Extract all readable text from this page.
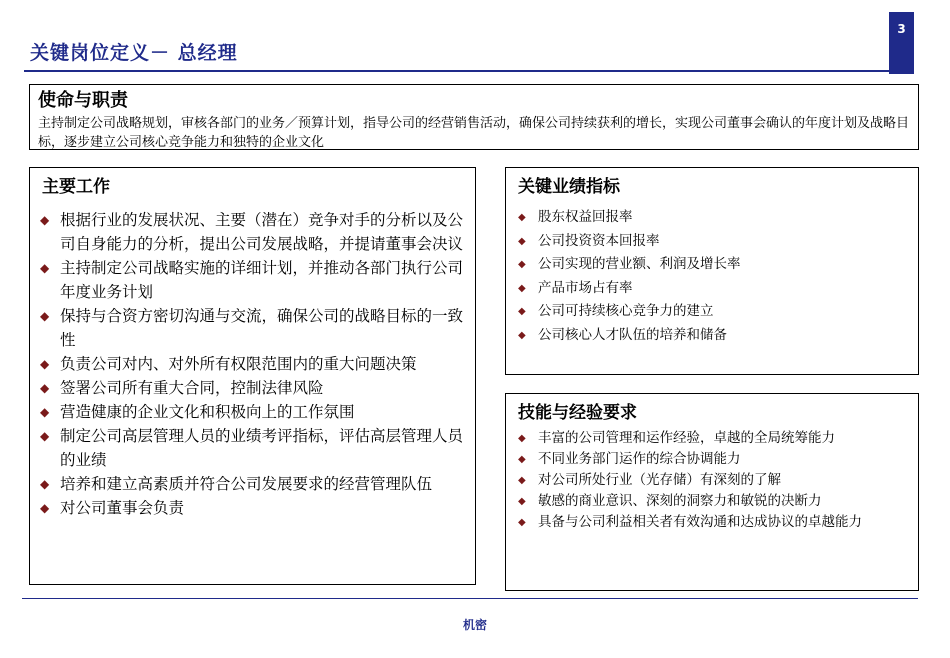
关键岗位定义－ 总经理
3
使命与职责
主持制定公司战略规划，审核各部门的业务／预算计划，指导公司的经营销售活动，确保公司持续获利的增长，实现公司董事会确认的年度计划及战略目标，逐步建立公司核心竞争能力和独特的企业文化
主要工作
◆ 根据行业的发展状况、主要（潜在）竞争对手的分析以及公司自身能力的分析，提出公司发展战略，并提请董事会决议
◆ 主持制定公司战略实施的详细计划，并推动各部门执行公司年度业务计划
◆ 保持与合资方密切沟通与交流，确保公司的战略目标的一致性
◆ 负责公司对内、对外所有权限范围内的重大问题决策
◆ 签署公司所有重大合同，控制法律风险
◆ 营造健康的企业文化和积极向上的工作氛围
◆ 制定公司高层管理人员的业绩考评指标，评估高层管理人员的业绩
◆ 培养和建立高素质并符合公司发展要求的经营管理队伍
◆ 对公司董事会负责
关键业绩指标
◆ 股东权益回报率
◆ 公司投资资本回报率
◆ 公司实现的营业额、利润及增长率
◆ 产品市场占有率
◆ 公司可持续核心竞争力的建立
◆ 公司核心人才队伍的培养和储备
技能与经验要求
◆ 丰富的公司管理和运作经验，卓越的全局统筹能力
◆ 不同业务部门运作的综合协调能力
◆ 对公司所处行业（光存储）有深刻的了解
◆ 敏感的商业意识、深刻的洞察力和敏锐的决断力
◆ 具备与公司利益相关者有效沟通和达成协议的卓越能力
机密
